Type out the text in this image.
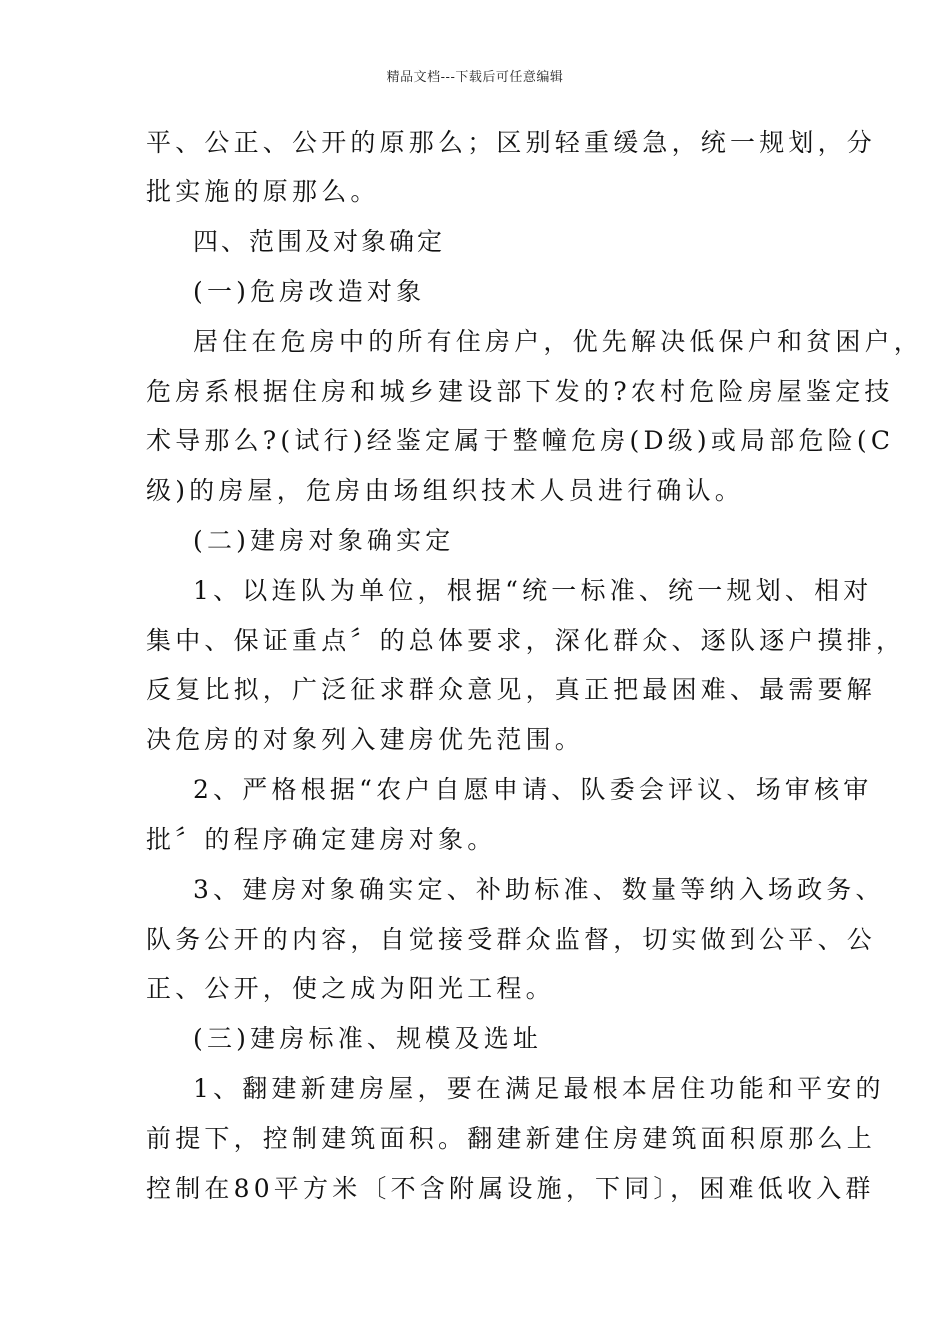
精品文档---下载后可任意编辑
平、公正、公开的原那么；区别轻重缓急，统一规划，分
批实施的原那么。
四、范围及对象确定
(一)危房改造对象
居住在危房中的所有住房户，优先解决低保户和贫困户，
危房系根据住房和城乡建设部下发的?农村危险房屋鉴定技
术导那么?(试行)经鉴定属于整幢危房(D级)或局部危险(C
级)的房屋，危房由场组织技术人员进行确认。
(二)建房对象确实定
1、以连队为单位，根据“统一标准、统一规划、相对
集中、保证重点〞的总体要求，深化群众、逐队逐户摸排，
反复比拟，广泛征求群众意见，真正把最困难、最需要解
决危房的对象列入建房优先范围。
2、严格根据“农户自愿申请、队委会评议、场审核审
批〞的程序确定建房对象。
3、建房对象确实定、补助标准、数量等纳入场政务、
队务公开的内容，自觉接受群众监督，切实做到公平、公
正、公开，使之成为阳光工程。
(三)建房标准、规模及选址
1、翻建新建房屋，要在满足最根本居住功能和平安的
前提下，控制建筑面积。翻建新建住房建筑面积原那么上
控制在80平方米〔不含附属设施，下同〕，困难低收入群
